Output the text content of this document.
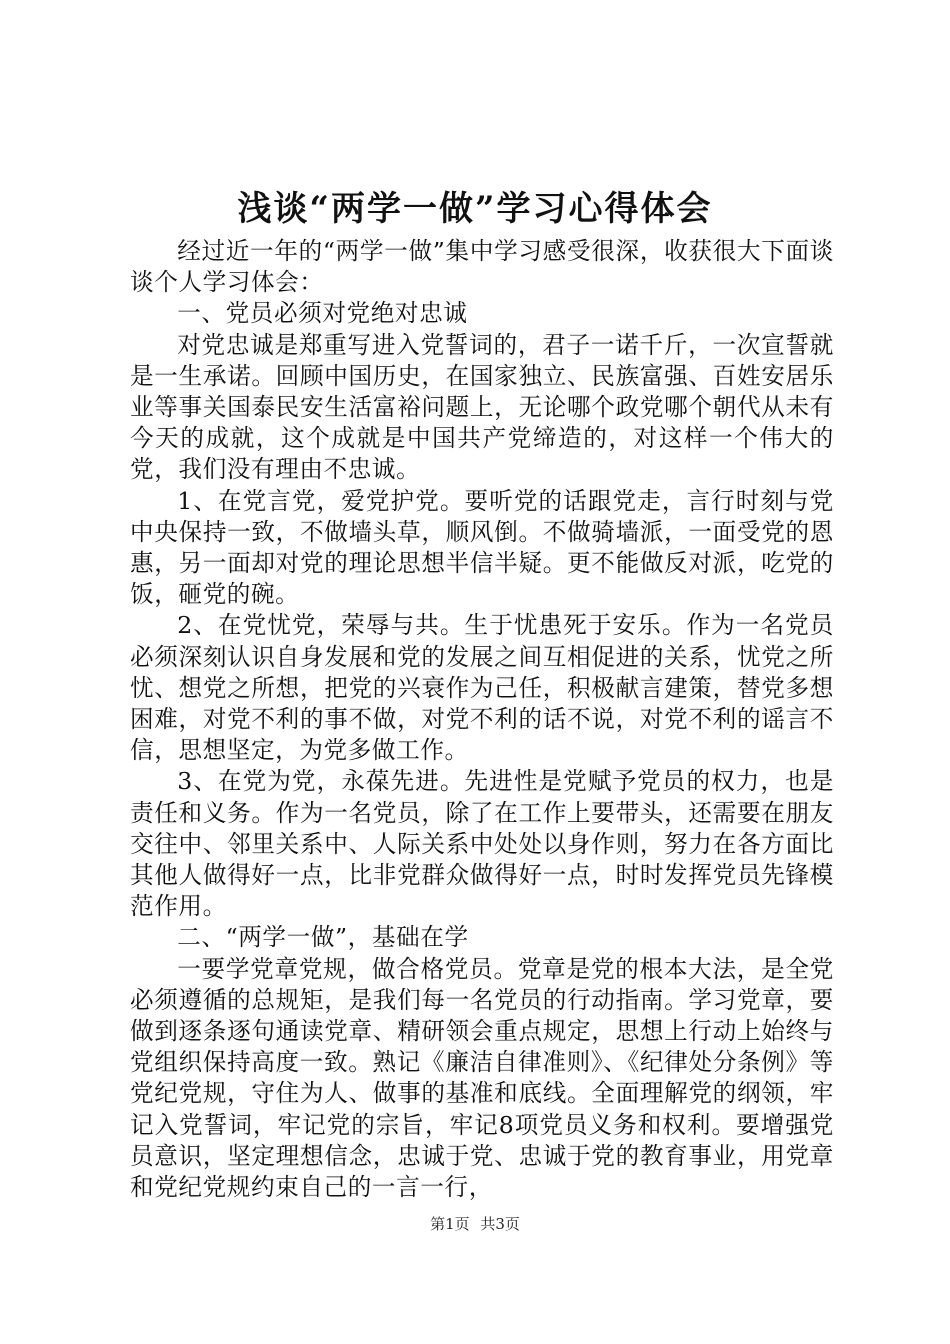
浅谈“两学一做”学习心得体会

经过近一年的“两学一做”集中学习感受很深，收获很大下面谈谈个人学习体会：

一、党员必须对党绝对忠诚

对党忠诚是郑重写进入党誓词的，君子一诺千斤，一次宣誓就是一生承诺。回顾中国历史，在国家独立、民族富强、百姓安居乐业等事关国泰民安生活富裕问题上，无论哪个政党哪个朝代从未有今天的成就，这个成就是中国共产党缔造的，对这样一个伟大的党，我们没有理由不忠诚。

1、在党言党，爱党护党。要听党的话跟党走，言行时刻与党中央保持一致，不做墙头草，顺风倒。不做骑墙派，一面受党的恩惠，另一面却对党的理论思想半信半疑。更不能做反对派，吃党的饭，砸党的碗。

2、在党忧党，荣辱与共。生于忧患死于安乐。作为一名党员必须深刻认识自身发展和党的发展之间互相促进的关系，忧党之所忧、想党之所想，把党的兴衰作为己任，积极献言建策，替党多想困难，对党不利的事不做，对党不利的话不说，对党不利的谣言不信，思想坚定，为党多做工作。

3、在党为党，永葆先进。先进性是党赋予党员的权力，也是责任和义务。作为一名党员，除了在工作上要带头，还需要在朋友交往中、邻里关系中、人际关系中处处以身作则，努力在各方面比其他人做得好一点，比非党群众做得好一点，时时发挥党员先锋模范作用。

二、“两学一做”，基础在学

一要学党章党规，做合格党员。党章是党的根本大法，是全党必须遵循的总规矩，是我们每一名党员的行动指南。学习党章，要做到逐条逐句通读党章、精研领会重点规定，思想上行动上始终与党组织保持高度一致。熟记《廉洁自律准则》、《纪律处分条例》等党纪党规，守住为人、做事的基准和底线。全面理解党的纲领，牢记入党誓词，牢记党的宗旨，牢记8项党员义务和权利。要增强党员意识，坚定理想信念，忠诚于党、忠诚于党的教育事业，用党章和党纪党规约束自己的一言一行，

第1页 共3页
